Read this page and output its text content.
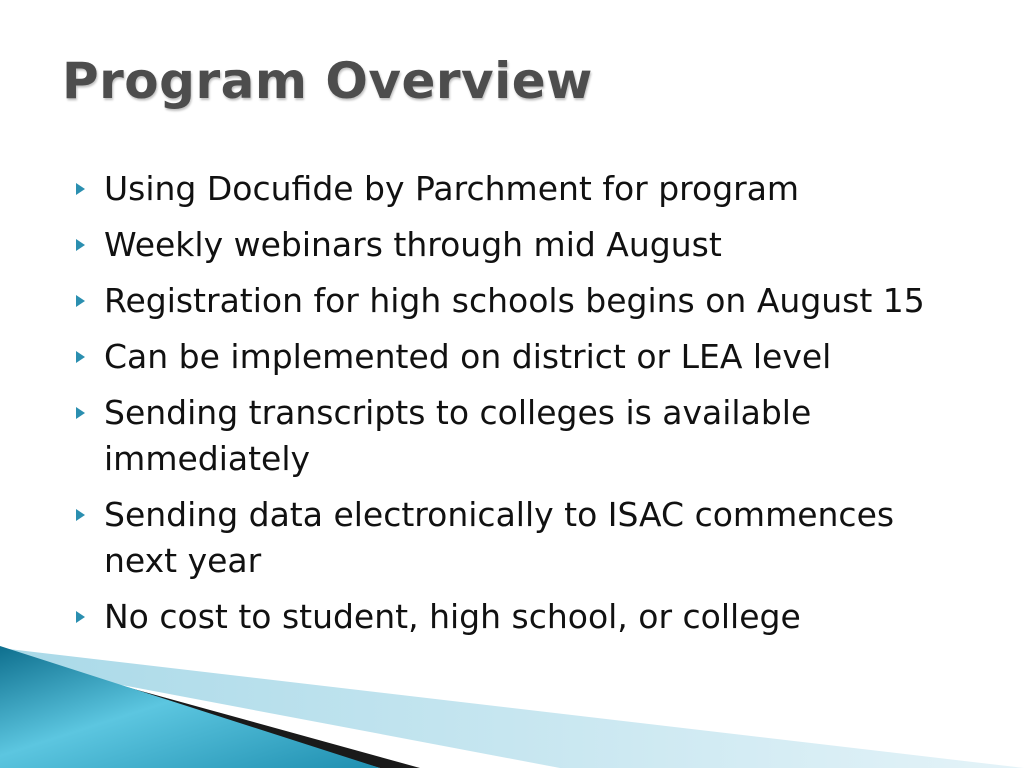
Program Overview
Using Docufide by Parchment for program
Weekly webinars through mid August
Registration for high schools begins on August 15
Can be implemented on district or LEA level
Sending transcripts to colleges is available immediately
Sending data electronically to ISAC commences next year
No cost to student, high school, or college
